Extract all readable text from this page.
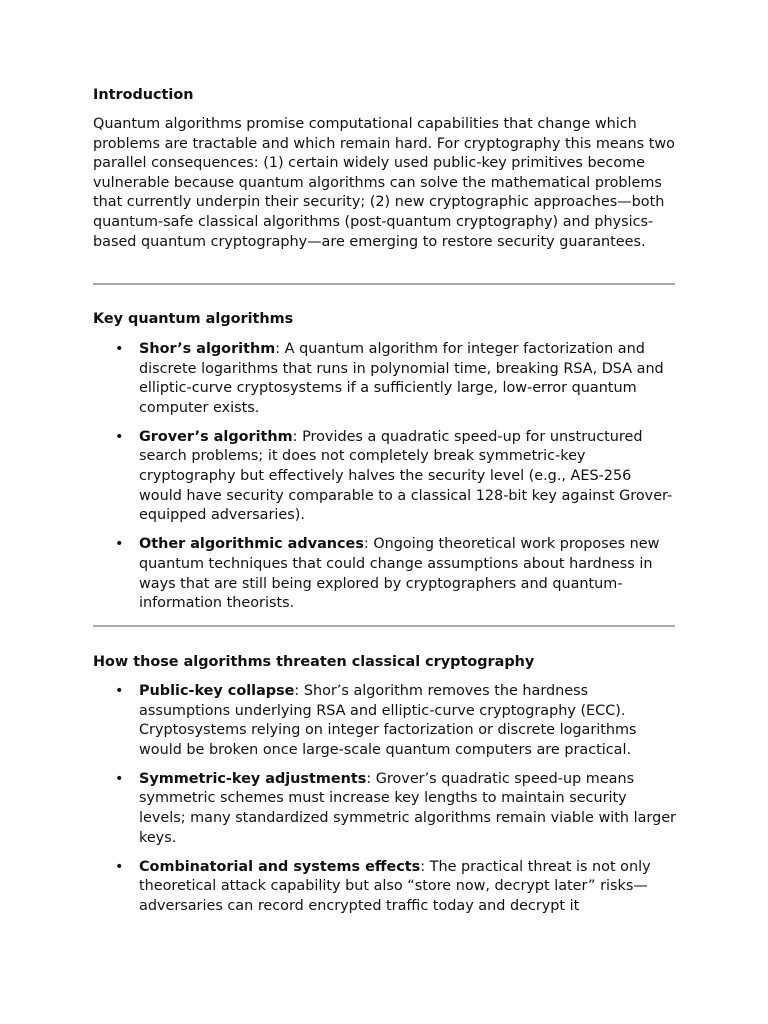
Introduction

Quantum algorithms promise computational capabilities that change which problems are tractable and which remain hard. For cryptography this means two parallel consequences: (1) certain widely used public-key primitives become vulnerable because quantum algorithms can solve the mathematical problems that currently underpin their security; (2) new cryptographic approaches—both quantum-safe classical algorithms (post-quantum cryptography) and physics-based quantum cryptography—are emerging to restore security guarantees.

Key quantum algorithms
• Shor’s algorithm: A quantum algorithm for integer factorization and discrete logarithms that runs in polynomial time, breaking RSA, DSA and elliptic-curve cryptosystems if a sufficiently large, low-error quantum computer exists.
• Grover’s algorithm: Provides a quadratic speed-up for unstructured search problems; it does not completely break symmetric-key cryptography but effectively halves the security level (e.g., AES-256 would have security comparable to a classical 128-bit key against Grover-equipped adversaries).
• Other algorithmic advances: Ongoing theoretical work proposes new quantum techniques that could change assumptions about hardness in ways that are still being explored by cryptographers and quantum-information theorists.
How those algorithms threaten classical cryptography
• Public-key collapse: Shor’s algorithm removes the hardness assumptions underlying RSA and elliptic-curve cryptography (ECC). Cryptosystems relying on integer factorization or discrete logarithms would be broken once large-scale quantum computers are practical.
• Symmetric-key adjustments: Grover’s quadratic speed-up means symmetric schemes must increase key lengths to maintain security levels; many standardized symmetric algorithms remain viable with larger keys.
• Combinatorial and systems effects: The practical threat is not only theoretical attack capability but also “store now, decrypt later” risks—adversaries can record encrypted traffic today and decrypt it
